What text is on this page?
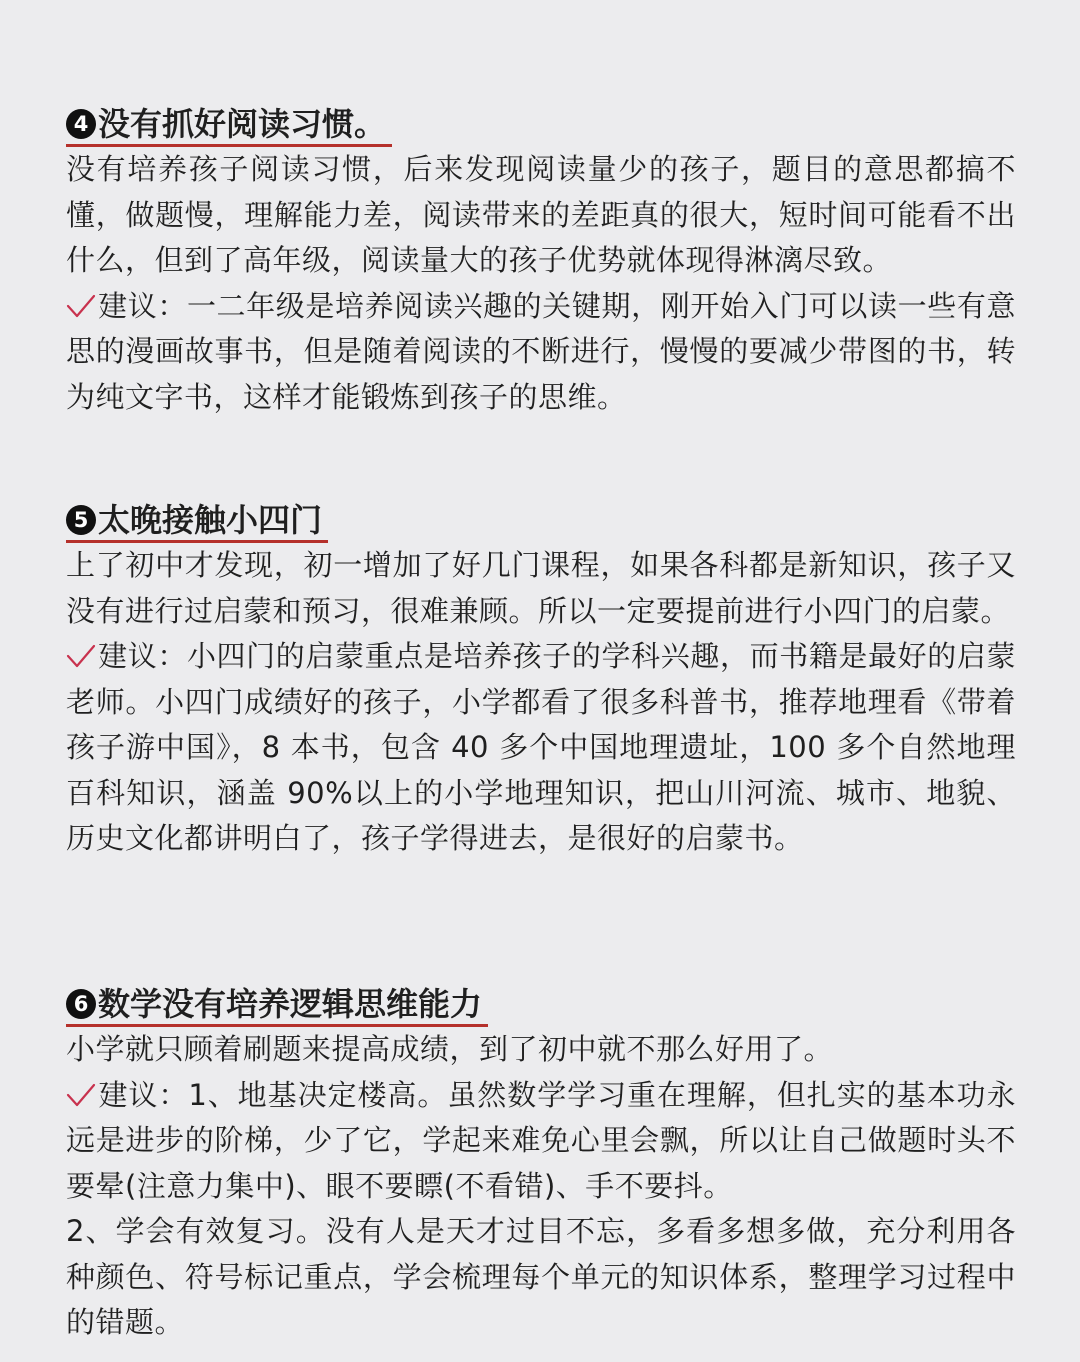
4 没有抓好阅读习惯。

没有培养孩子阅读习惯，后来发现阅读量少的孩子，题目的意思都搞不懂，做题慢，理解能力差，阅读带来的差距真的很大，短时间可能看不出什么，但到了高年级，阅读量大的孩子优势就体现得淋漓尽致。

建议：一二年级是培养阅读兴趣的关键期，刚开始入门可以读一些有意思的漫画故事书，但是随着阅读的不断进行，慢慢的要减少带图的书，转为纯文字书，这样才能锻炼到孩子的思维。

5 太晚接触小四门

上了初中才发现，初一增加了好几门课程，如果各科都是新知识，孩子又没有进行过启蒙和预习，很难兼顾。所以一定要提前进行小四门的启蒙。

建议：小四门的启蒙重点是培养孩子的学科兴趣，而书籍是最好的启蒙老师。小四门成绩好的孩子，小学都看了很多科普书，推荐地理看《带着孩子游中国》，8 本书，包含 40 多个中国地理遗址，100 多个自然地理百科知识，涵盖 90%以上的小学地理知识，把山川河流、城市、地貌、历史文化都讲明白了，孩子学得进去，是很好的启蒙书。

6 数学没有培养逻辑思维能力

小学就只顾着刷题来提高成绩，到了初中就不那么好用了。

建议：1、地基决定楼高。虽然数学学习重在理解，但扎实的基本功永远是进步的阶梯，少了它，学起来难免心里会飘，所以让自己做题时头不要晕(注意力集中)、眼不要瞟(不看错)、手不要抖。

2、学会有效复习。没有人是天才过目不忘，多看多想多做，充分利用各种颜色、符号标记重点，学会梳理每个单元的知识体系，整理学习过程中的错题。
